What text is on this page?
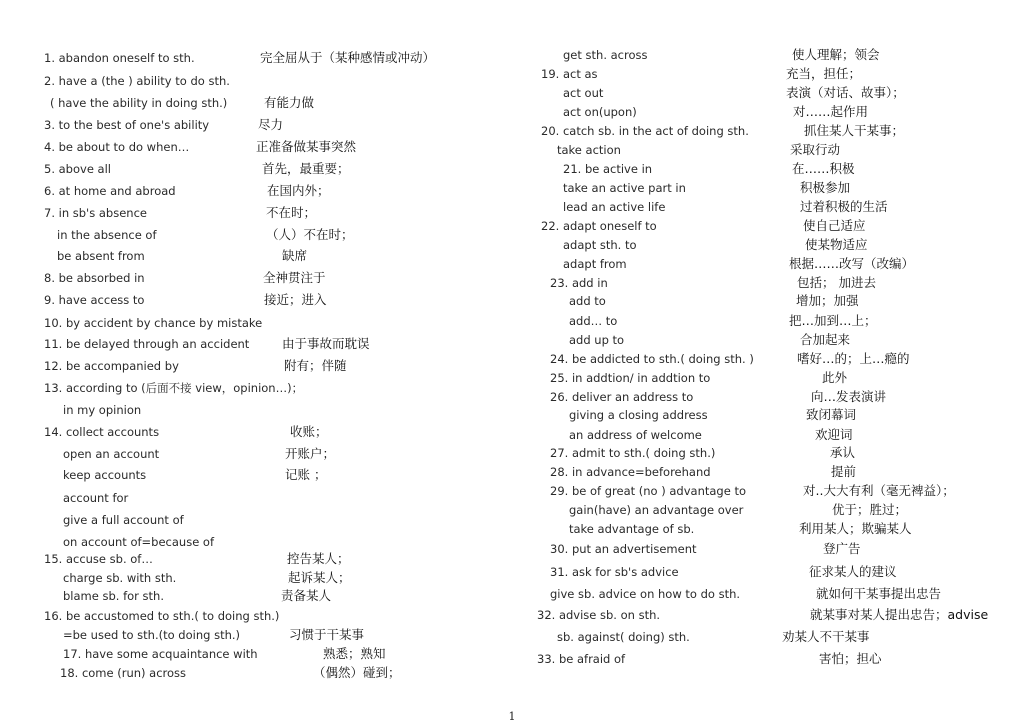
1. abandon oneself to sth.	完全屈从于（某种感情或冲动）
2. have a (the ) ability to do sth.
( have the ability in doing sth.)	有能力做
3. to the best of one's ability	尽力
4. be about to do when…	正准备做某事突然
5. above all	首先，最重要；
6. at home and abroad	在国内外；
7. in sb's absence	不在时；
in the absence of	（人）不在时；
be absent from	缺席
8. be absorbed in	全神贯注于
9. have access to	接近；进入
10. by accident by chance by mistake
11. be delayed through an accident	由于事故而耽误
12. be accompanied by	附有；伴随
13. according to (后面不接 view，opinion…)；
in my opinion
14. collect accounts	收账；
open an account	开账户；
keep accounts	记账 ；
account for
give a full account of
on account of=because of
15. accuse sb. of…	控告某人；
charge sb. with sth.	起诉某人；
blame sb. for sth.	责备某人
16. be accustomed to sth.( to doing sth.)
=be used to sth.(to doing sth.)	习惯于干某事
17. have some acquaintance with	熟悉；熟知
18. come (run) across	（偶然）碰到；
get sth. across	使人理解；领会
19. act as	充当，担任；
act out	表演（对话、故事）；
act on(upon)	对……起作用
20. catch sb. in the act of doing sth.	抓住某人干某事；
take action	采取行动
21. be active in	在……积极
take an active part in	积极参加
lead an active life	过着积极的生活
22. adapt oneself to	使自己适应
adapt sth. to	使某物适应
adapt from	根据……改写（改编）
23. add in	包括； 加进去
add to	增加；加强
add… to	把…加到…上；
add up to	合加起来
24. be addicted to sth.( doing sth. )	嗜好…的；上…瘾的
25. in addtion/ in addtion to	此外
26. deliver an address to	向…发表演讲
giving a closing address	致闭幕词
an address of welcome	欢迎词
27. admit to sth.( doing sth.)	承认
28. in advance=beforehand	提前
29. be of great (no ) advantage to	对..大大有利（毫无裨益）；
gain(have) an advantage over	优于；胜过；
take advantage of sb.	利用某人；欺骗某人
30. put an advertisement	登广告
31. ask for sb's advice	征求某人的建议
give sb. advice on how to do sth.	就如何干某事提出忠告
32. advise sb. on sth.	就某事对某人提出忠告；advise
sb. against( doing) sth.	劝某人不干某事
33. be afraid of	害怕；担心
1
